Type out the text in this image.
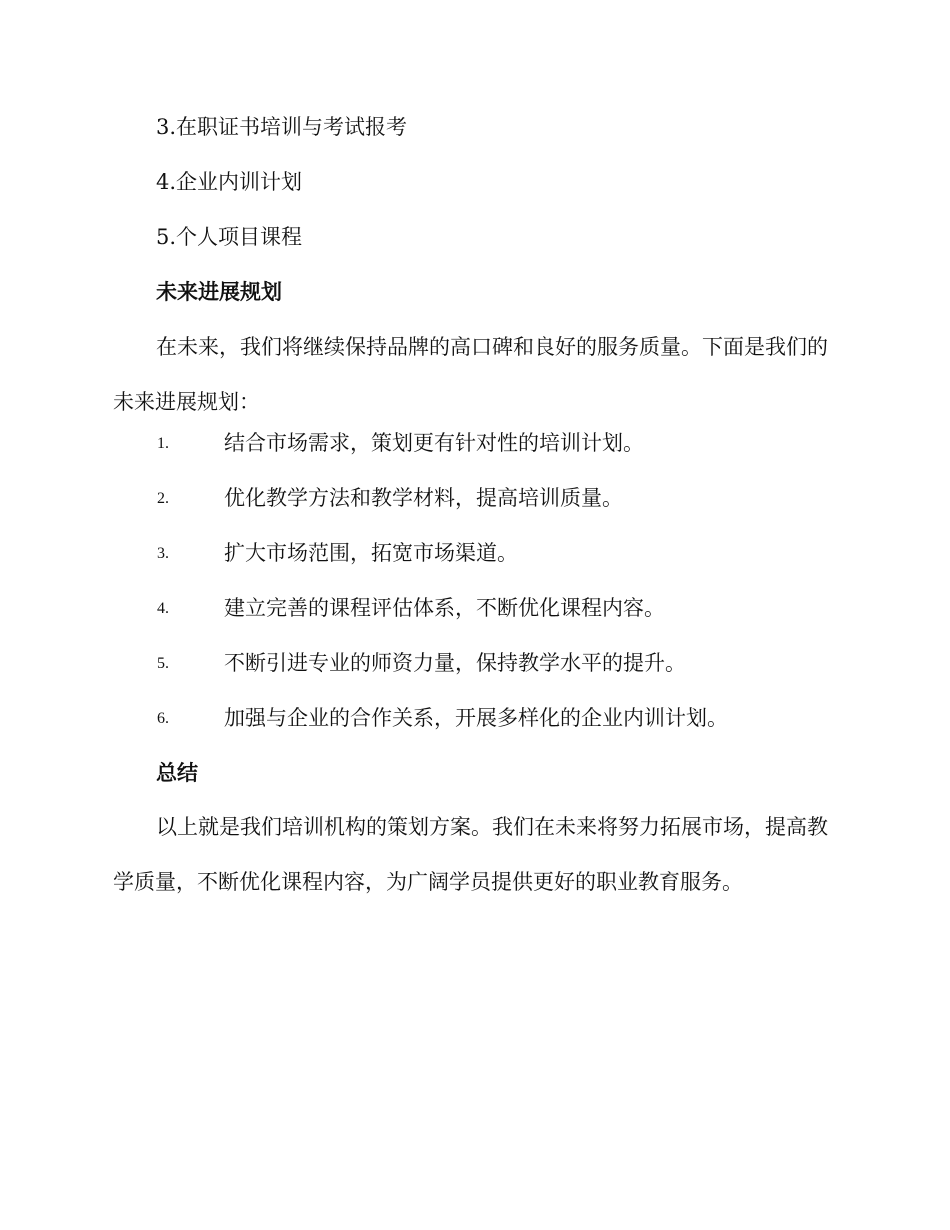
3.在职证书培训与考试报考
4.企业内训计划
5.个人项目课程
未来进展规划
在未来，我们将继续保持品牌的高口碑和良好的服务质量。下面是我们的未来进展规划：
1.	结合市场需求，策划更有针对性的培训计划。
2.	优化教学方法和教学材料，提高培训质量。
3.	扩大市场范围，拓宽市场渠道。
4.	建立完善的课程评估体系，不断优化课程内容。
5.	不断引进专业的师资力量，保持教学水平的提升。
6.	加强与企业的合作关系，开展多样化的企业内训计划。
总结
以上就是我们培训机构的策划方案。我们在未来将努力拓展市场，提高教学质量，不断优化课程内容，为广阔学员提供更好的职业教育服务。
